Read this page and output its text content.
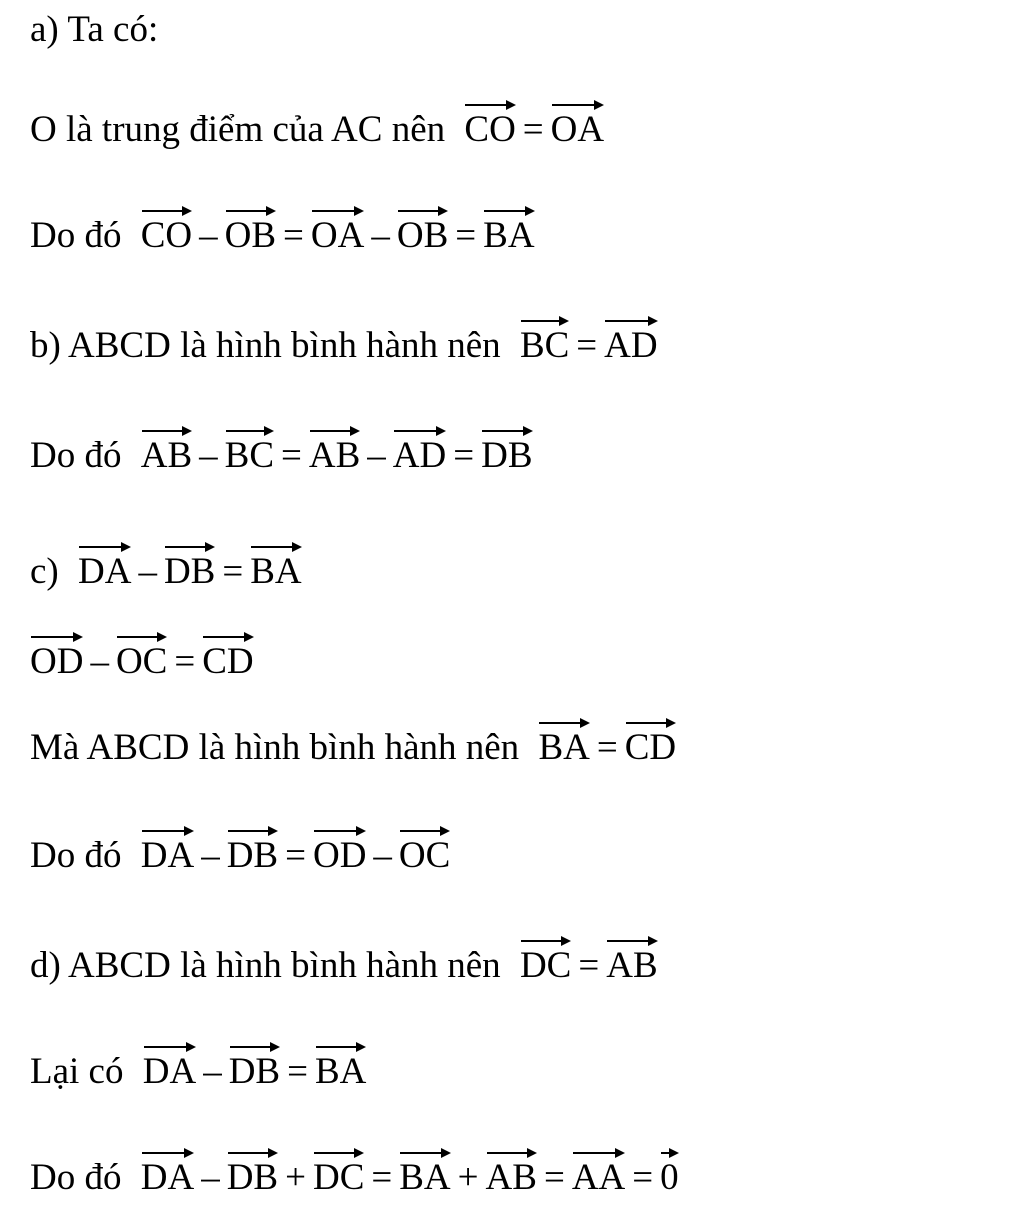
a) Ta có:
O là trung điểm của AC nên CO = OA
Do đó CO – OB = OA – OB = BA
b) ABCD là hình bình hành nên BC = AD
Do đó AB – BC = AB – AD = DB
c) DA – DB = BA
OD – OC = CD
Mà ABCD là hình bình hành nên BA = CD
Do đó DA – DB = OD – OC
d) ABCD là hình bình hành nên DC = AB
Lại có DA – DB = BA
Do đó DA – DB + DC = BA + AB = AA = 0
